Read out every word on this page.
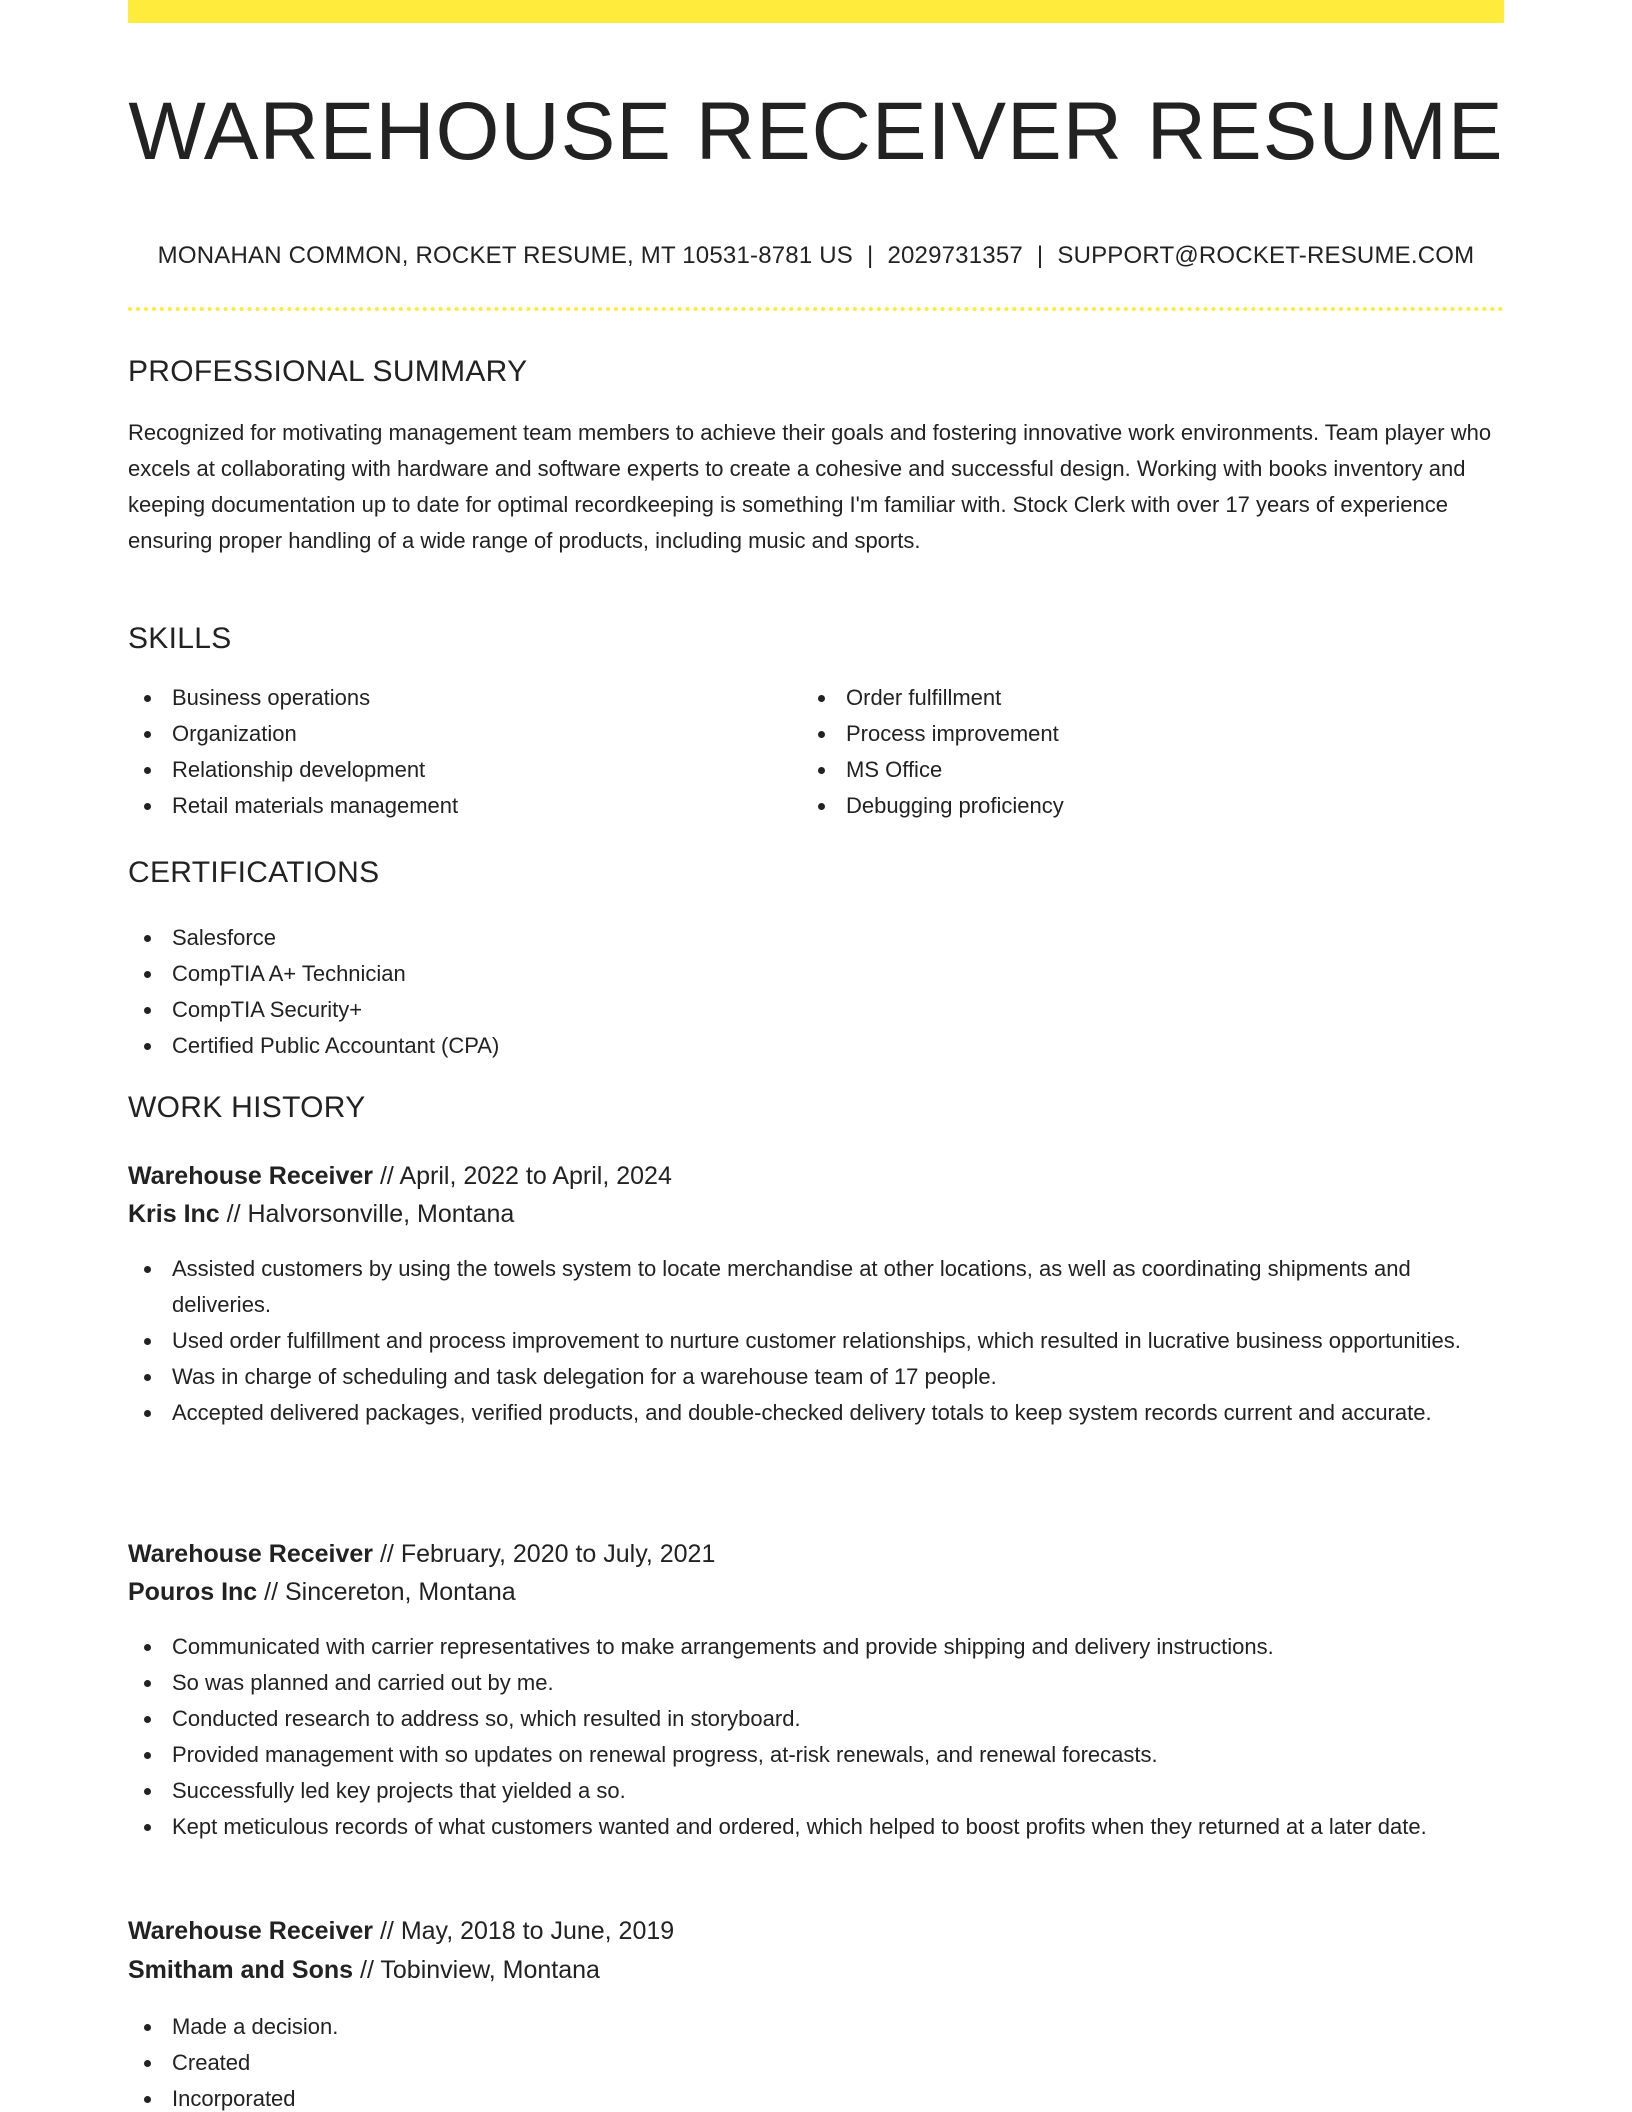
WAREHOUSE RECEIVER RESUME
MONAHAN COMMON, ROCKET RESUME, MT 10531-8781 US | 2029731357 | SUPPORT@ROCKET-RESUME.COM
PROFESSIONAL SUMMARY

Recognized for motivating management team members to achieve their goals and fostering innovative work environments. Team player who excels at collaborating with hardware and software experts to create a cohesive and successful design. Working with books inventory and keeping documentation up to date for optimal recordkeeping is something I'm familiar with. Stock Clerk with over 17 years of experience ensuring proper handling of a wide range of products, including music and sports.

SKILLS
Business operations
Organization
Relationship development
Retail materials management
Order fulfillment
Process improvement
MS Office
Debugging proficiency
CERTIFICATIONS
Salesforce
CompTIA A+ Technician
CompTIA Security+
Certified Public Accountant (CPA)
WORK HISTORY
Warehouse Receiver // April, 2022 to April, 2024
Kris Inc // Halvorsonville, Montana
Assisted customers by using the towels system to locate merchandise at other locations, as well as coordinating shipments and deliveries.
Used order fulfillment and process improvement to nurture customer relationships, which resulted in lucrative business opportunities.
Was in charge of scheduling and task delegation for a warehouse team of 17 people.
Accepted delivered packages, verified products, and double-checked delivery totals to keep system records current and accurate.
Warehouse Receiver // February, 2020 to July, 2021
Pouros Inc // Sincereton, Montana
Communicated with carrier representatives to make arrangements and provide shipping and delivery instructions.
So was planned and carried out by me.
Conducted research to address so, which resulted in storyboard.
Provided management with so updates on renewal progress, at-risk renewals, and renewal forecasts.
Successfully led key projects that yielded a so.
Kept meticulous records of what customers wanted and ordered, which helped to boost profits when they returned at a later date.
Warehouse Receiver // May, 2018 to June, 2019
Smitham and Sons // Tobinview, Montana
Made a decision.
Created
Incorporated
